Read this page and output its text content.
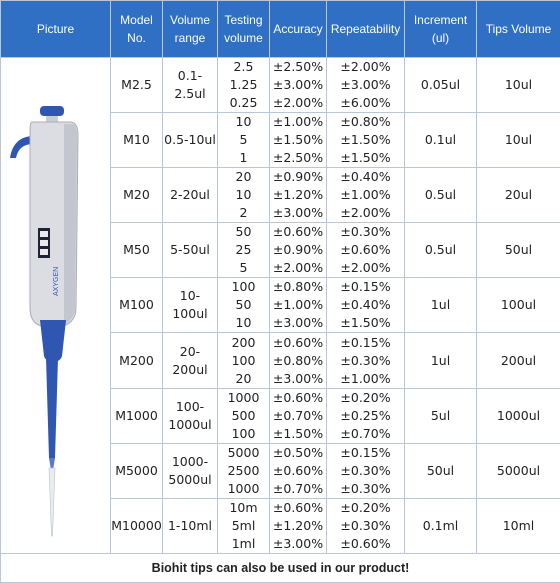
Picture	Model No.	Volume range	Testing volume	Accuracy	Repeatability	Increment (ul)	Tips Volume
	M2.5	0.1-
2.5ul	2.5
1.25
0.25	±2.50%
±3.00%
±2.00%	±2.00%
±3.00%
±6.00%	0.05ul	10ul
	M10	0.5-10ul	10
5
1	±1.00%
±1.50%
±2.50%	±0.80%
±1.50%
±1.50%	0.1ul	10ul
	M20	2-20ul	20
10
2	±0.90%
±1.20%
±3.00%	±0.40%
±1.00%
±2.00%	0.5ul	20ul
	M50	5-50ul	50
25
5	±0.60%
±0.90%
±2.00%	±0.30%
±0.60%
±2.00%	0.5ul	50ul
	M100	10-
100ul	100
50
10	±0.80%
±1.00%
±3.00%	±0.15%
±0.40%
±1.50%	1ul	100ul
	M200	20-
200ul	200
100
20	±0.60%
±0.80%
±3.00%	±0.15%
±0.30%
±1.00%	1ul	200ul
	M1000	100-
1000ul	1000
500
100	±0.60%
±0.70%
±1.50%	±0.20%
±0.25%
±0.70%	5ul	1000ul
	M5000	1000-
5000ul	5000
2500
1000	±0.50%
±0.60%
±0.70%	±0.15%
±0.30%
±0.30%	50ul	5000ul
	M10000	1-10ml	10m
5ml
1ml	±0.60%
±1.20%
±3.00%	±0.20%
±0.30%
±0.60%	0.1ml	10ml
Biohit tips can also be used in our product!							
AXYGEN
